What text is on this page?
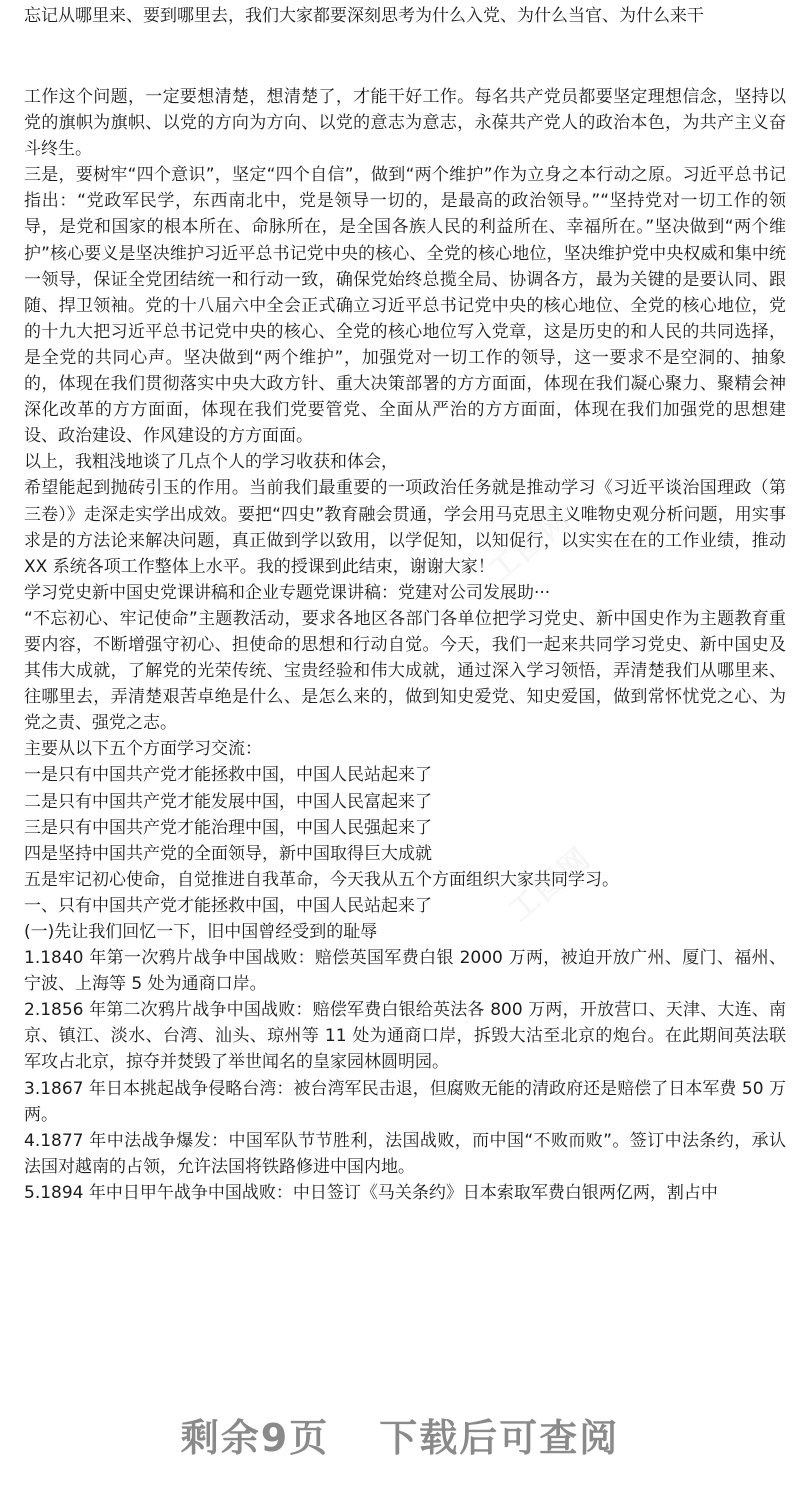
忘记从哪里来、要到哪里去，我们大家都要深刻思考为什么入党、为什么当官、为什么来干

工作这个问题，一定要想清楚，想清楚了，才能干好工作。每名共产党员都要坚定理想信念，坚持以党的旗帜为旗帜、以党的方向为方向、以党的意志为意志，永葆共产党人的政治本色，为共产主义奋斗终生。

三是，要树牢“四个意识”，坚定“四个自信”，做到“两个维护”作为立身之本行动之原。习近平总书记指出：“党政军民学，东西南北中，党是领导一切的，是最高的政治领导。”“坚持党对一切工作的领导，是党和国家的根本所在、命脉所在，是全国各族人民的利益所在、幸福所在。”坚决做到“两个维护”核心要义是坚决维护习近平总书记党中央的核心、全党的核心地位，坚决维护党中央权威和集中统一领导，保证全党团结统一和行动一致，确保党始终总揽全局、协调各方，最为关键的是要认同、跟随、捍卫领袖。党的十八届六中全会正式确立习近平总书记党中央的核心地位、全党的核心地位，党的十九大把习近平总书记党中央的核心、全党的核心地位写入党章，这是历史的和人民的共同选择，是全党的共同心声。坚决做到“两个维护”，加强党对一切工作的领导，这一要求不是空洞的、抽象的，体现在我们贯彻落实中央大政方针、重大决策部署的方方面面，体现在我们凝心聚力、聚精会神深化改革的方方面面，体现在我们党要管党、全面从严治的方方面面，体现在我们加强党的思想建设、政治建设、作风建设的方方面面。

以上，我粗浅地谈了几点个人的学习收获和体会，

希望能起到抛砖引玉的作用。当前我们最重要的一项政治任务就是推动学习《习近平谈治国理政（第三卷）》走深走实学出成效。要把“四史”教育融会贯通，学会用马克思主义唯物史观分析问题，用实事求是的方法论来解决问题，真正做到学以致用，以学促知，以知促行，以实实在在的工作业绩，推动 XX 系统各项工作整体上水平。我的授课到此结束，谢谢大家！

学习党史新中国史党课讲稿和企业专题党课讲稿：党建对公司发展助···

“不忘初心、牢记使命”主题教活动，要求各地区各部门各单位把学习党史、新中国史作为主题教育重要内容，不断增强守初心、担使命的思想和行动自觉。今天，我们一起来共同学习党史、新中国史及其伟大成就，了解党的光荣传统、宝贵经验和伟大成就，通过深入学习领悟，弄清楚我们从哪里来、往哪里去，弄清楚艰苦卓绝是什么、是怎么来的，做到知史爱党、知史爱国，做到常怀忧党之心、为党之责、强党之志。

主要从以下五个方面学习交流：

一是只有中国共产党才能拯救中国，中国人民站起来了

二是只有中国共产党才能发展中国，中国人民富起来了

三是只有中国共产党才能治理中国，中国人民强起来了

四是坚持中国共产党的全面领导，新中国取得巨大成就

五是牢记初心使命，自觉推进自我革命，今天我从五个方面组织大家共同学习。

一、只有中国共产党才能拯救中国，中国人民站起来了

(一)先让我们回忆一下，旧中国曾经受到的耻辱

1.1840 年第一次鸦片战争中国战败：赔偿英国军费白银 2000 万两，被迫开放广州、厦门、福州、宁波、上海等 5 处为通商口岸。

2.1856 年第二次鸦片战争中国战败：赔偿军费白银给英法各 800 万两，开放营口、天津、大连、南京、镇江、淡水、台湾、汕头、琼州等 11 处为通商口岸，拆毁大沽至北京的炮台。在此期间英法联军攻占北京，掠夺并焚毁了举世闻名的皇家园林圆明园。

3.1867 年日本挑起战争侵略台湾：被台湾军民击退，但腐败无能的清政府还是赔偿了日本军费 50 万两。

4.1877 年中法战争爆发：中国军队节节胜利，法国战败，而中国“不败而败”。签订中法条约，承认法国对越南的占领，允许法国将铁路修进中国内地。

5.1894 年中日甲午战争中国战败：中日签订《马关条约》日本索取军费白银两亿两，割占中

剩余9页 下载后可查阅
